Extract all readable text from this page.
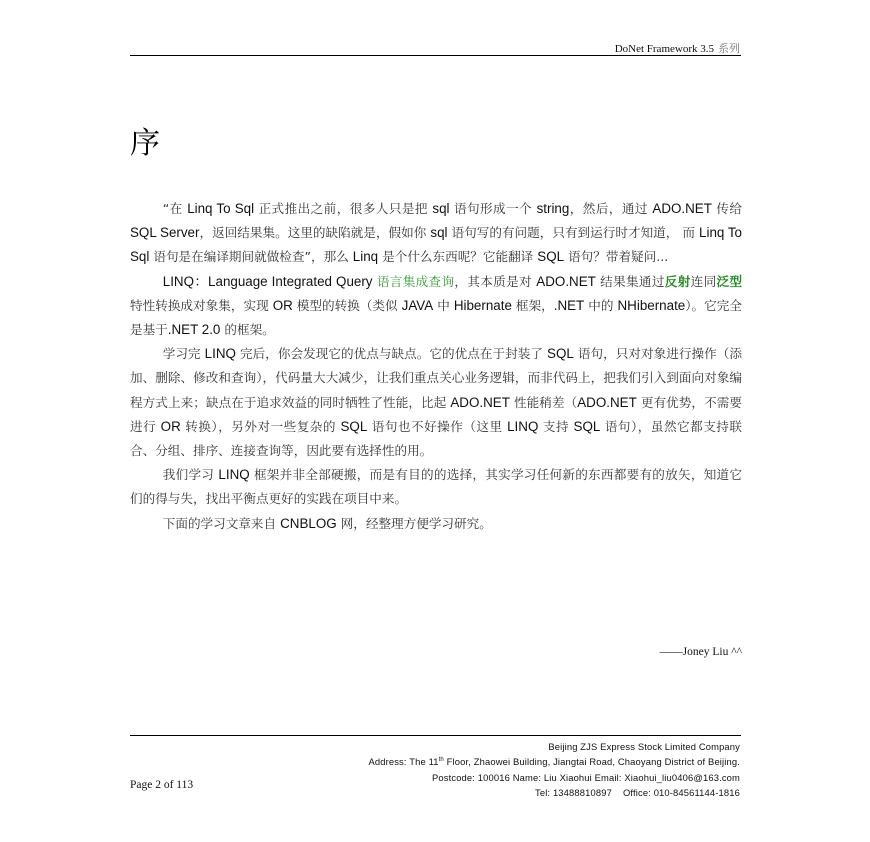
DoNet Framework 3.5 系列
序

“在 Linq To Sql 正式推出之前，很多人只是把 sql 语句形成一个 string，然后，通过 ADO.NET 传给 SQL Server，返回结果集。这里的缺陷就是，假如你 sql 语句写的有问题，只有到运行时才知道， 而 Linq To Sql 语句是在编译期间就做检查”，那么 Linq 是个什么东西呢？它能翻译 SQL 语句？带着疑问...

LINQ：Language Integrated Query 语言集成查询，其本质是对 ADO.NET 结果集通过反射连同泛型特性转换成对象集，实现 OR 模型的转换（类似 JAVA 中 Hibernate 框架，.NET 中的 NHibernate）。它完全是基于.NET 2.0 的框架。

学习完 LINQ 完后，你会发现它的优点与缺点。它的优点在于封装了 SQL 语句，只对对象进行操作（添加、删除、修改和查询），代码量大大减少，让我们重点关心业务逻辑，而非代码上，把我们引入到面向对象编程方式上来；缺点在于追求效益的同时牺牲了性能，比起 ADO.NET 性能稍差（ADO.NET 更有优势，不需要进行 OR 转换），另外对一些复杂的 SQL 语句也不好操作（这里 LINQ 支持 SQL 语句），虽然它都支持联合、分组、排序、连接查询等，因此要有选择性的用。

我们学习 LINQ 框架并非全部硬搬，而是有目的的选择，其实学习任何新的东西都要有的放矢，知道它们的得与失，找出平衡点更好的实践在项目中来。

下面的学习文章来自 CNBLOG 网，经整理方便学习研究。

——Joney Liu ^^
Beijing ZJS Express Stock Limited Company
Address: The 11th Floor, Zhaowei Building, Jiangtai Road, Chaoyang District of Beijing.
Postcode: 100016 Name: Liu Xiaohui Email: Xiaohui_liu0406@163.com
Tel: 13488810897    Office: 010-84561144-1816
Page 2 of 113
